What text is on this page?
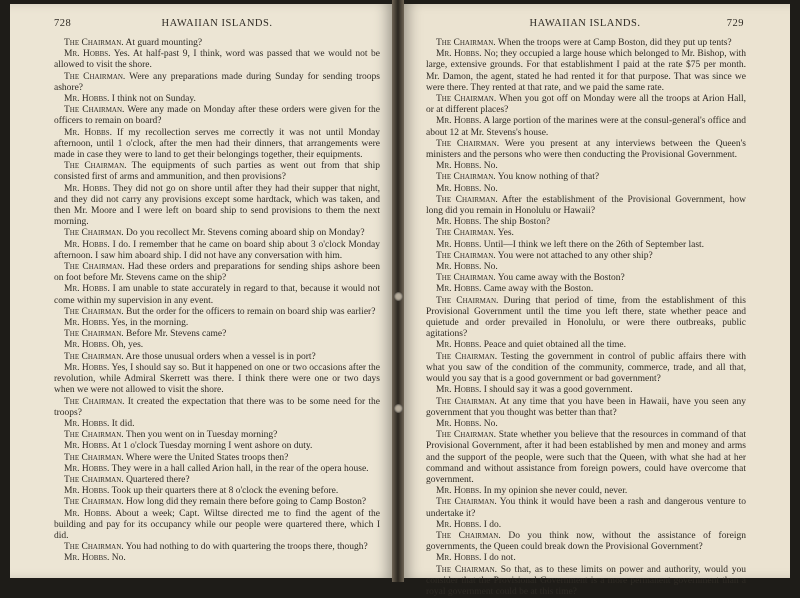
728	HAWAIIAN ISLANDS.

The Chairman. At guard mounting?

Mr. Hobbs. Yes. At half-past 9, I think, word was passed that we would not be allowed to visit the shore.

The Chairman. Were any preparations made during Sunday for sending troops ashore?

Mr. Hobbs. I think not on Sunday.

The Chairman. Were any made on Monday after these orders were given for the officers to remain on board?

Mr. Hobbs. If my recollection serves me correctly it was not until Monday afternoon, until 1 o'clock, after the men had their dinners, that arrangements were made in case they were to land to get their belongings together, their equipments.

The Chairman. The equipments of such parties as went out from that ship consisted first of arms and ammunition, and then provisions?

Mr. Hobbs. They did not go on shore until after they had their supper that night, and they did not carry any provisions except some hardtack, which was taken, and then Mr. Moore and I were left on board ship to send provisions to them the next morning.

The Chairman. Do you recollect Mr. Stevens coming aboard ship on Monday?

Mr. Hobbs. I do. I remember that he came on board ship about 3 o'clock Monday afternoon. I saw him aboard ship. I did not have any conversation with him.

The Chairman. Had these orders and preparations for sending ships ashore been on foot before Mr. Stevens came on the ship?

Mr. Hobbs. I am unable to state accurately in regard to that, because it would not come within my supervision in any event.

The Chairman. But the order for the officers to remain on board ship was earlier?

Mr. Hobbs. Yes, in the morning.

The Chairman. Before Mr. Stevens came?

Mr. Hobbs. Oh, yes.

The Chairman. Are those unusual orders when a vessel is in port?

Mr. Hobbs. Yes, I should say so. But it happened on one or two occasions after the revolution, while Admiral Skerrett was there. I think there were one or two days when we were not allowed to visit the shore.

The Chairman. It created the expectation that there was to be some need for the troops?

Mr. Hobbs. It did.

The Chairman. Then you went on in Tuesday morning?

Mr. Hobbs. At 1 o'clock Tuesday morning I went ashore on duty.

The Chairman. Where were the United States troops then?

Mr. Hobbs. They were in a hall called Arion hall, in the rear of the opera house.

The Chairman. Quartered there?

Mr. Hobbs. Took up their quarters there at 8 o'clock the evening before.

The Chairman. How long did they remain there before going to Camp Boston?

Mr. Hobbs. About a week; Capt. Wiltse directed me to find the agent of the building and pay for its occupancy while our people were quartered there, which I did.

The Chairman. You had nothing to do with quartering the troops there, though?

Mr. Hobbs. No.

HAWAIIAN ISLANDS.	729

The Chairman. When the troops were at Camp Boston, did they put up tents?

Mr. Hobbs. No; they occupied a large house which belonged to Mr. Bishop, with large, extensive grounds. For that establishment I paid at the rate $75 per month. Mr. Damon, the agent, stated he had rented it for that purpose. That was since we were there. They rented at that rate, and we paid the same rate.

The Chairman. When you got off on Monday were all the troops at Arion Hall, or at different places?

Mr. Hobbs. A large portion of the marines were at the consul-general's office and about 12 at Mr. Stevens's house.

The Chairman. Were you present at any interviews between the Queen's ministers and the persons who were then conducting the Provisional Government.

Mr. Hobbs. No.

The Chairman. You know nothing of that?

Mr. Hobbs. No.

The Chairman. After the establishment of the Provisional Government, how long did you remain in Honolulu or Hawaii?

Mr. Hobbs. The ship Boston?

The Chairman. Yes.

Mr. Hobbs. Until—I think we left there on the 26th of September last.

The Chairman. You were not attached to any other ship?

Mr. Hobbs. No.

The Chairman. You came away with the Boston?

Mr. Hobbs. Came away with the Boston.

The Chairman. During that period of time, from the establishment of this Provisional Government until the time you left there, state whether peace and quietude and order prevailed in Honolulu, or were there outbreaks, public agitations?

Mr. Hobbs. Peace and quiet obtained all the time.

The Chairman. Testing the government in control of public affairs there with what you saw of the condition of the community, commerce, trade, and all that, would you say that is a good government or bad government?

Mr. Hobbs. I should say it was a good government.

The Chairman. At any time that you have been in Hawaii, have you seen any government that you thought was better than that?

Mr. Hobbs. No.

The Chairman. State whether you believe that the resources in command of that Provisional Government, after it had been established by men and money and arms and the support of the people, were such that the Queen, with what she had at her command and without assistance from foreign powers, could have overcome that government.

Mr. Hobbs. In my opinion she never could, never.

The Chairman. You think it would have been a rash and dangerous venture to undertake it?

Mr. Hobbs. I do.

The Chairman. Do you think now, without the assistance of foreign governments, the Queen could break down the Provisional Government?

Mr. Hobbs. I do not.

The Chairman. So that, as to these limits on power and authority, would you consider that the Provisional Government is a more permanent government than a royal government could be at this time?
